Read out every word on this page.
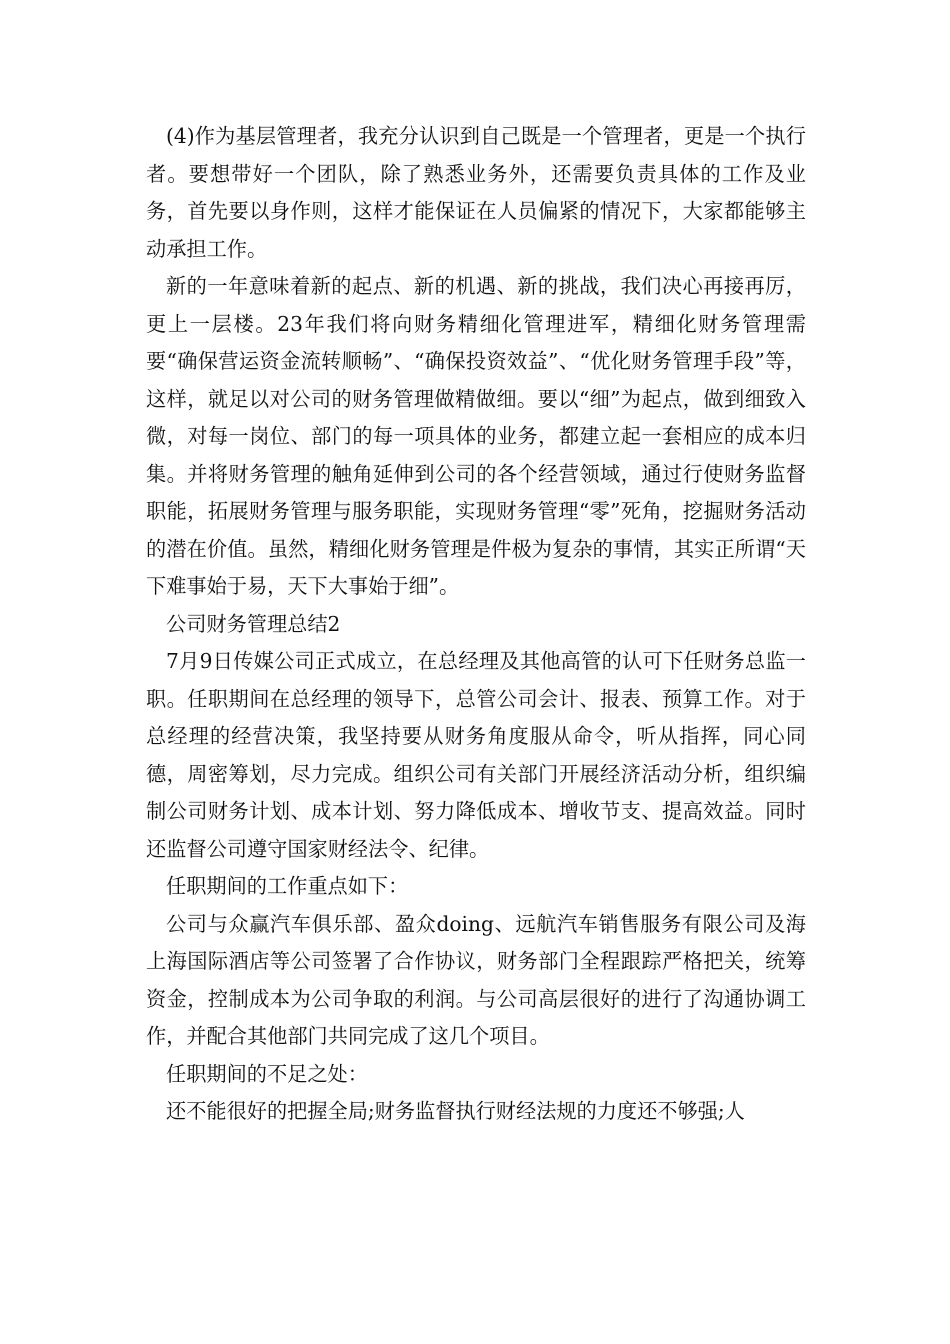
(4)作为基层管理者，我充分认识到自己既是一个管理者，更是一个执行者。要想带好一个团队，除了熟悉业务外，还需要负责具体的工作及业务，首先要以身作则，这样才能保证在人员偏紧的情况下，大家都能够主动承担工作。

新的一年意味着新的起点、新的机遇、新的挑战，我们决心再接再厉，更上一层楼。23年我们将向财务精细化管理进军，精细化财务管理需要“确保营运资金流转顺畅”、“确保投资效益”、“优化财务管理手段”等，这样，就足以对公司的财务管理做精做细。要以“细”为起点，做到细致入微，对每一岗位、部门的每一项具体的业务，都建立起一套相应的成本归集。并将财务管理的触角延伸到公司的各个经营领域，通过行使财务监督职能，拓展财务管理与服务职能，实现财务管理“零”死角，挖掘财务活动的潜在价值。虽然，精细化财务管理是件极为复杂的事情，其实正所谓“天下难事始于易，天下大事始于细”。

公司财务管理总结2

7月9日传媒公司正式成立，在总经理及其他高管的认可下任财务总监一职。任职期间在总经理的领导下，总管公司会计、报表、预算工作。对于总经理的经营决策，我坚持要从财务角度服从命令，听从指挥，同心同德，周密筹划，尽力完成。组织公司有关部门开展经济活动分析，组织编制公司财务计划、成本计划、努力降低成本、增收节支、提高效益。同时还监督公司遵守国家财经法令、纪律。

任职期间的工作重点如下：

公司与众赢汽车俱乐部、盈众doing、远航汽车销售服务有限公司及海上海国际酒店等公司签署了合作协议，财务部门全程跟踪严格把关，统筹资金，控制成本为公司争取的利润。与公司高层很好的进行了沟通协调工作，并配合其他部门共同完成了这几个项目。

任职期间的不足之处：

还不能很好的把握全局;财务监督执行财经法规的力度还不够强;人
